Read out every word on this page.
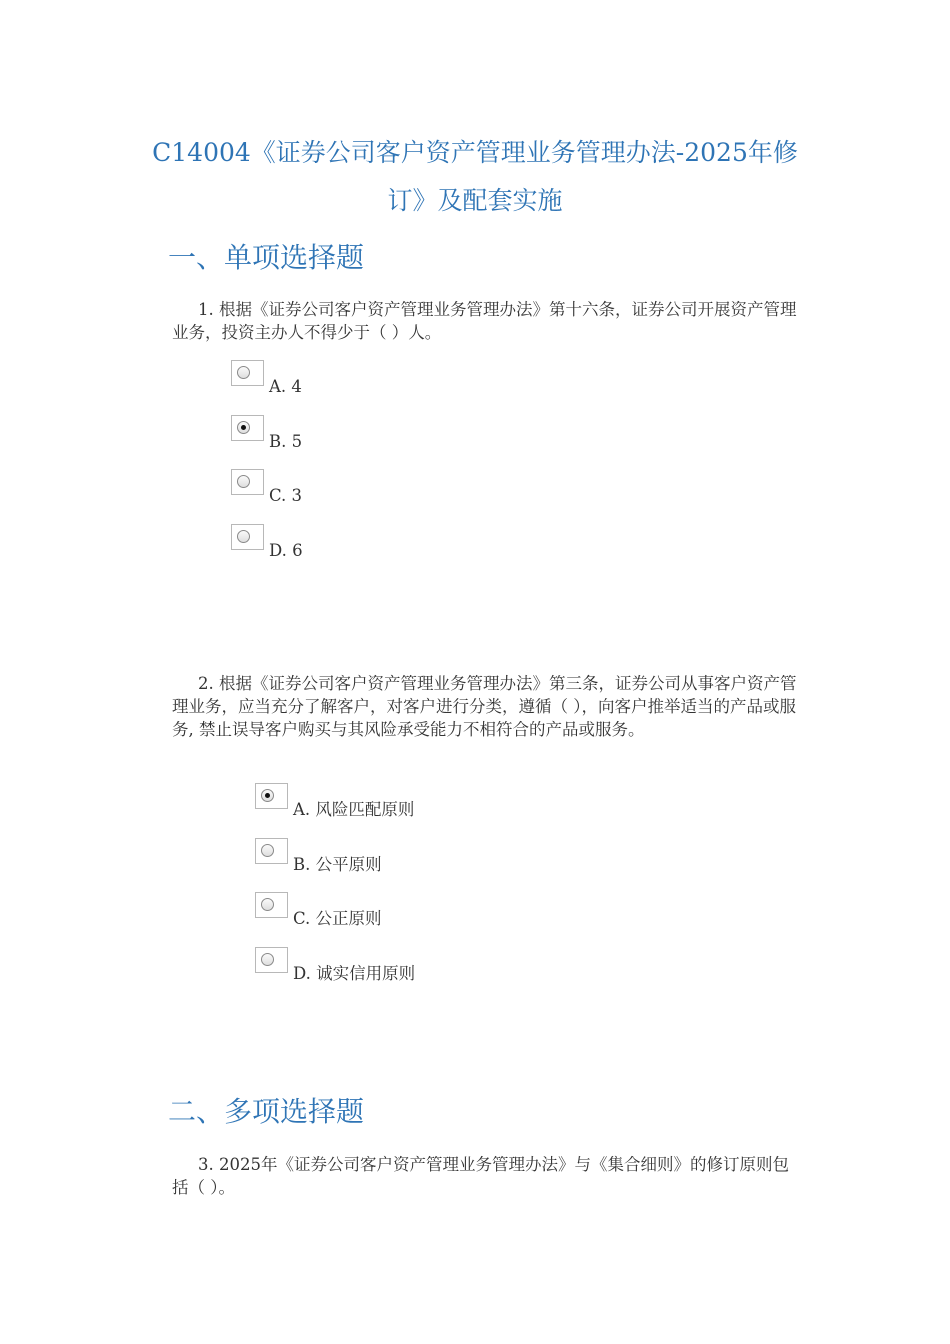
C14004《证券公司客户资产管理业务管理办法-2025年修
订》及配套实施
一、单项选择题
1. 根据《证券公司客户资产管理业务管理办法》第十六条，证券公司开展资产管理业务，投资主办人不得少于（ ）人。
A. 4
B. 5
C. 3
D. 6
2. 根据《证券公司客户资产管理业务管理办法》第三条，证券公司从事客户资产管理业务，应当充分了解客户，对客户进行分类，遵循（ ），向客户推举适当的产品或服务, 禁止误导客户购买与其风险承受能力不相符合的产品或服务。
A. 风险匹配原则
B. 公平原则
C. 公正原则
D. 诚实信用原则
二、多项选择题
3. 2025年《证券公司客户资产管理业务管理办法》与《集合细则》的修订原则包括（ ）。
